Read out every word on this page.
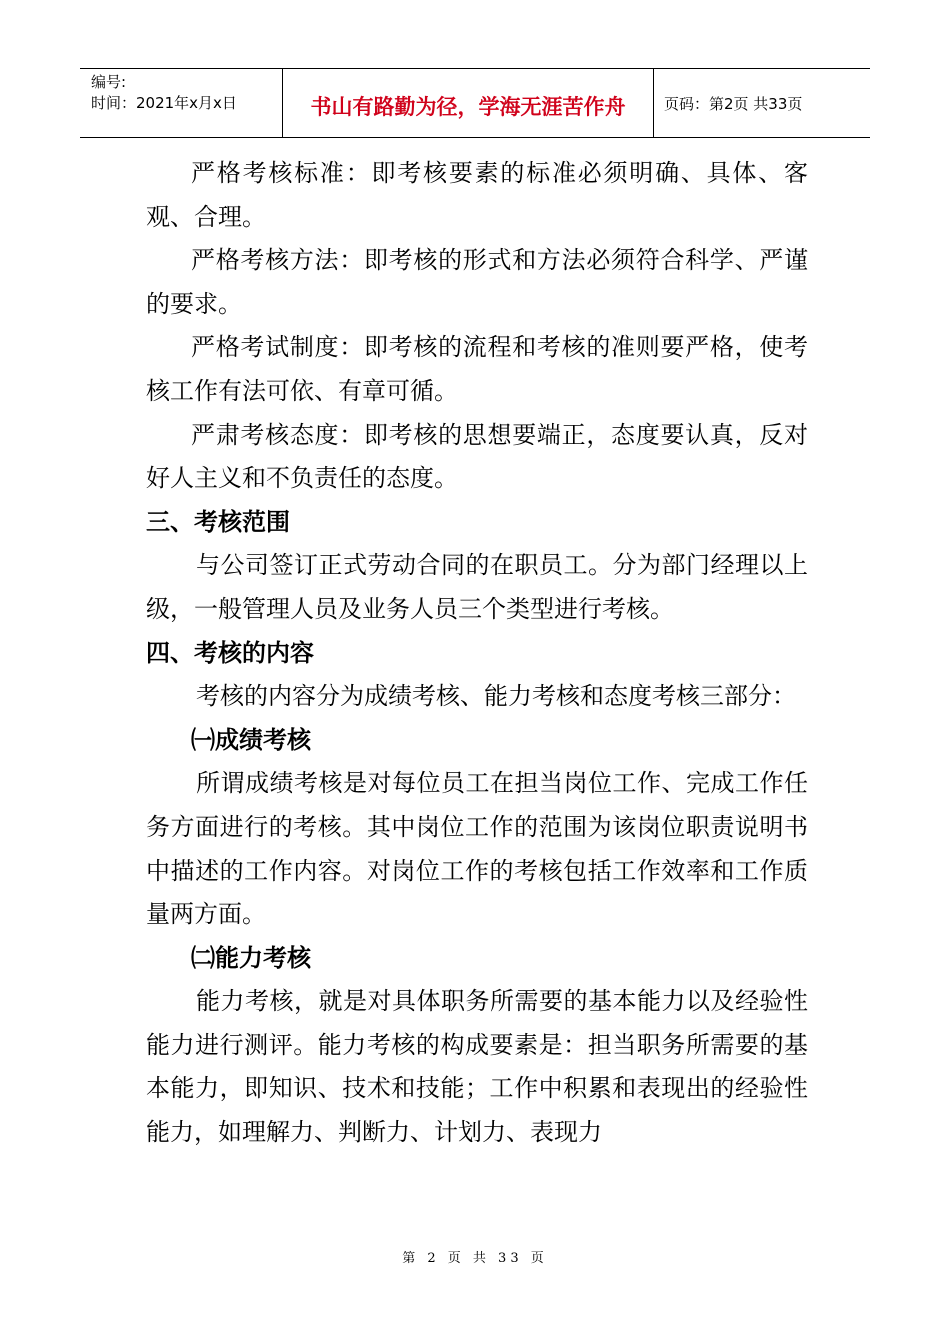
编号:
时间：2021年x月x日	书山有路勤为径，学海无涯苦作舟	页码：第2页 共33页

严格考核标准：即考核要素的标准必须明确、具体、客观、合理。

严格考核方法：即考核的形式和方法必须符合科学、严谨的要求。

严格考试制度：即考核的流程和考核的准则要严格，使考核工作有法可依、有章可循。

严肃考核态度：即考核的思想要端正，态度要认真，反对好人主义和不负责任的态度。

三、考核范围

与公司签订正式劳动合同的在职员工。分为部门经理以上级，一般管理人员及业务人员三个类型进行考核。

四、考核的内容

考核的内容分为成绩考核、能力考核和态度考核三部分：

㈠成绩考核

所谓成绩考核是对每位员工在担当岗位工作、完成工作任务方面进行的考核。其中岗位工作的范围为该岗位职责说明书中描述的工作内容。对岗位工作的考核包括工作效率和工作质量两方面。

㈡能力考核

能力考核，就是对具体职务所需要的基本能力以及经验性能力进行测评。能力考核的构成要素是：担当职务所需要的基本能力，即知识、技术和技能；工作中积累和表现出的经验性能力，如理解力、判断力、计划力、表现力

第 2 页 共 33 页
